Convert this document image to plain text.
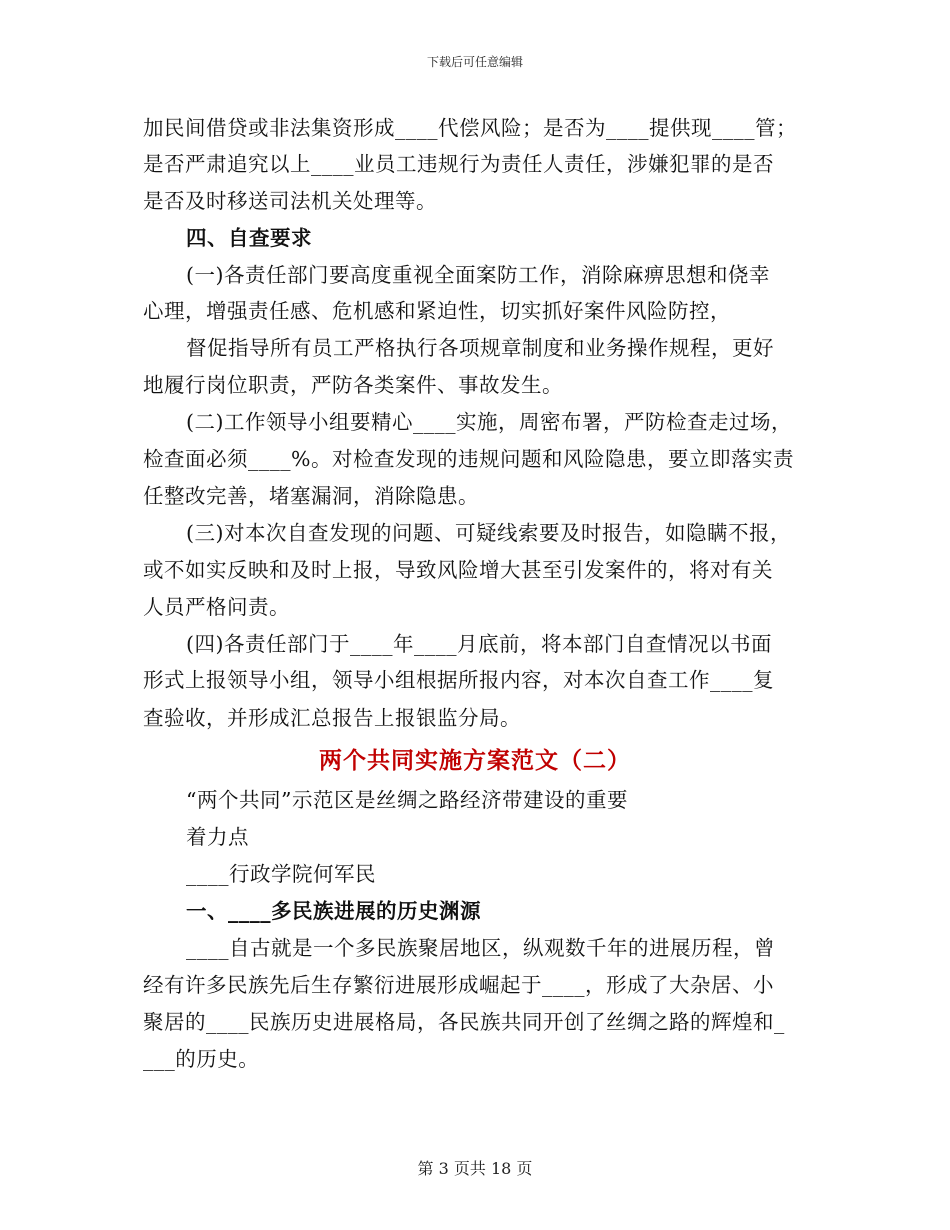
下载后可任意编辑
加民间借贷或非法集资形成____代偿风险；是否为____提供现____管；
是否严肃追究以上____业员工违规行为责任人责任，涉嫌犯罪的是否
是否及时移送司法机关处理等。
四、自查要求
(一)各责任部门要高度重视全面案防工作，消除麻痹思想和侥幸
心理，增强责任感、危机感和紧迫性，切实抓好案件风险防控，
督促指导所有员工严格执行各项规章制度和业务操作规程，更好
地履行岗位职责，严防各类案件、事故发生。
(二)工作领导小组要精心____实施，周密布署，严防检查走过场，
检查面必须____%。对检查发现的违规问题和风险隐患，要立即落实责
任整改完善，堵塞漏洞，消除隐患。
(三)对本次自查发现的问题、可疑线索要及时报告，如隐瞒不报，
或不如实反映和及时上报，导致风险增大甚至引发案件的，将对有关
人员严格问责。
(四)各责任部门于____年____月底前，将本部门自查情况以书面
形式上报领导小组，领导小组根据所报内容，对本次自查工作____复
查验收，并形成汇总报告上报银监分局。
两个共同实施方案范文（二）
“两个共同”示范区是丝绸之路经济带建设的重要
着力点
____行政学院何军民
一、____多民族进展的历史渊源
____自古就是一个多民族聚居地区，纵观数千年的进展历程，曾
经有许多民族先后生存繁衍进展形成崛起于____，形成了大杂居、小
聚居的____民族历史进展格局，各民族共同开创了丝绸之路的辉煌和_
___的历史。
第 3 页共 18 页
